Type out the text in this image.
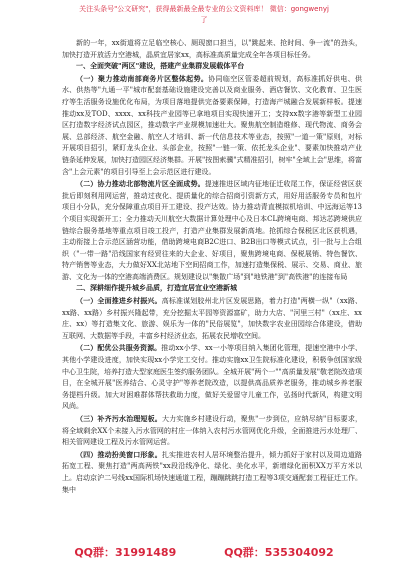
关注头条号"公文研究"，获得最新最全最专业的公文资料库！ 微信：gongwenyj
了

新的一年，xx街道将立足临空核心、厕现窗口担当，以"跳起来、抢时间、争一流"的劲头，加快打造开放活力空港城，晶质宜居家xx，高标准高质量完成全年各项目标任务。

一、全面突破"两区"建设，搭建产业集群发展载体平台

（一）聚力推动南部商务片区整体起势。协同临空区管委超前规划，高标准抓好供电、供水、供热等"九通一平"城市配套基础设施建设完善以及商业服务、酒店餐饮、文化教育、卫生医疗等生活服务设施优化布局，为项目落地提供完备要素保障，打造海产城融合发展新样板。提速推动xx及TOD、xxxx、xx科技产业园等已拿地项目实现快速开工；支持xx数字港等新型工业园区打造数字经济试点园区，推动数字产业规模加速壮大。聚焦航空制造维修、现代物流、商务会展、总部经济、航空金融、航空人才培训、新一代信息技术等业态，按照"一道一策"原则，对标开展项目招引，紧盯龙头企业、头部企业，按照"一链一策、依托龙头企业"、要素加快推动产业链条延伸发展，加快打造园区经济集群。开展"按图索骥"式精准招引，树牢"全域上会"思维，将富含"上会元素"的项目引导至上会示范区进行建设。

（二）协力推动北部物流片区全面成势。提速推进区域内征地征迁收尾工作，保证经营区获批后即刻利用网运营，推动过夜化、提质量化的综合招商引资新方式，用好用活服务专员和包片项目小分队，充分保障重点项目开工建设、投产达效。协力推动青直模拟机培训、中远海运等13个项目实现新开工；全力推动天川航空大数据计算处理中心及日本CL跨境电商、邦达芯跨境供应链综合服务基地等重点项目竣工投产，打造产业集群发展新高地。抢抓综合保税区北区获机遇，主动衔接上合示范区涵营功能，借助跨境电商B2C进口、B2B出口等模式试点，引一批与上合组织（"一带一路"沿线国家有经贸往来的大企业、好项目，聚焦跨境电商、保税展销、特色餐饮、特产销售等业态，大力做好XX北站地下空间招商工作，加速打造集保税、展示、交易、商业、旅游、文化为一体的空港高端消费区。规划建设以"集散广场"到"地铁港"到"高铁港"的连接布局

二、深耕细作提升城乡品质，打造宜居宜业空港新城

（一）全面推进乡村振兴。高标准谋划胶州北片区发展思路，着力打造"两横一纵"（xx路、xx路、xx路）乡村振兴隆起带，充分挖掘太平园等资源富矿，助力大店、"河里三村"（xx庄、xx庄、xx）等打造集文化、旅游、娱乐为一体的"民俗展览"，加快数字农业田园综合体建设，借助互联网、大数据等手段，丰富乡村经济业态，拓展农民增收空间。

（二）配优公共服务资源。推动xx小学、xx一小等项目纳入集团化管理，提速空港中小学、其他小学建设进度，加快实现xx小学完工交付。推动实施xx卫生院标准化建设，积极争创国家级中心卫生院，培养打造大型家庭医生签约服务团队。全城开展"两个一""高质量发展"敬老院改造项目，在全城开展"医养结合、心灵守护"等养老院改造，以提供高品质养老服务，推动城乡养老服务提档升级。加大对困难群体帮扶救助力度，做好关爱留守儿童工作，弘扬时代新风，构建文明风尚。

（三）补齐污水治理短板。大力实施乡村建设行动，聚焦"一步到位，应纳尽纳"目标要求，将全域剩余XX个未接入污水管网的村庄一体纳入农村污水管网优化升级，全面推进污水处理厂、相关管网建设工程及污水管网运营。

（四）推动扮美窗口形象。扎实推进农村人居环境整治提升，倾力抓好于家村以及周边道路拓宽工程、聚焦打造"两高两铁"xx段沿线净化、绿化、美化水平，新增绿化面积XX万平方米以上。启动京沪二号线xx国际机场快速通道工程，蹦蹦跳跳打造工程等3项交通配套工程征迁工作。集中

QQ群：31991489	QQ群：535304092
